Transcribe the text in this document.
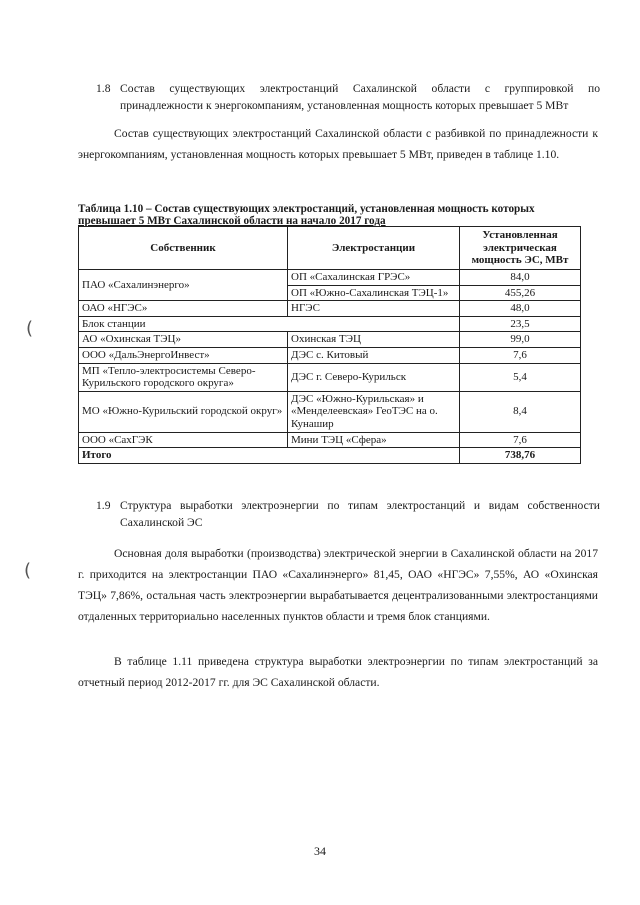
1.8 Состав существующих электростанций Сахалинской области с группировкой по принадлежности к энергокомпаниям, установленная мощность которых превышает 5 МВт

Состав существующих электростанций Сахалинской области с разбивкой по принадлежности к энергокомпаниям, установленная мощность которых превышает 5 МВт, приведен в таблице 1.10.

Таблица 1.10 – Состав существующих электростанций, установленная мощность которых
превышает 5 МВт Сахалинской области на начало 2017 года
Собственник	Электростанции	Установленная электрическая мощность ЭС, МВт
ПАО «Сахалинэнерго»	ОП «Сахалинская ГРЭС»	84,0
	ОП «Южно-Сахалинская ТЭЦ-1»	455,26
ОАО «НГЭС»	НГЭС	48,0
Блок станции		23,5
АО «Охинская ТЭЦ»	Охинская ТЭЦ	99,0
ООО «ДальЭнергоИнвест»	ДЭС с. Китовый	7,6
МП «Тепло-электросистемы Северо-Курильского городского округа»	ДЭС г. Северо-Курильск	5,4
МО «Южно-Курильский городской округ»	ДЭС «Южно-Курильская» и «Менделеевская» ГеоТЭС на о. Кунашир	8,4
ООО «СахГЭК	Мини ТЭЦ «Сфера»	7,6
Итого		738,76
1.9 Структура выработки электроэнергии по типам электростанций и видам собственности Сахалинской ЭС

Основная доля выработки (производства) электрической энергии в Сахалинской области на 2017 г. приходится на электростанции ПАО «Сахалинэнерго» 81,45, ОАО «НГЭС» 7,55%, АО «Охинская ТЭЦ» 7,86%, остальная часть электроэнергии вырабатывается децентрализованными электростанциями отдаленных территориально населенных пунктов области и тремя блок станциями.

В таблице 1.11 приведена структура выработки электроэнергии по типам электростанций за отчетный период 2012-2017 гг. для ЭС Сахалинской области.

(
(
34
